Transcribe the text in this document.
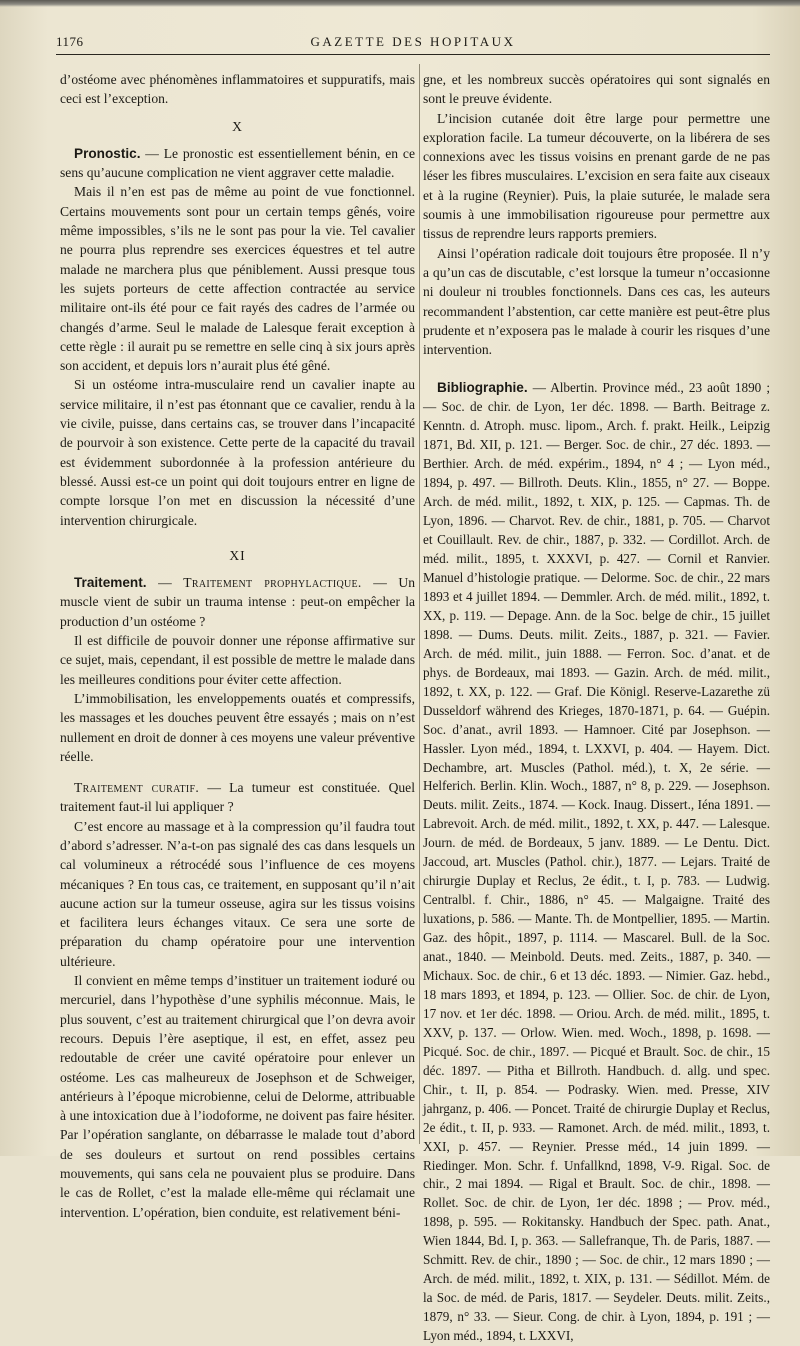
1176	GAZETTE DES HOPITAUX

d’ostéome avec phénomènes inflammatoires et suppuratifs, mais ceci est l’exception.

X

Pronostic. — Le pronostic est essentiellement bénin, en ce sens qu’aucune complication ne vient aggraver cette maladie.

Mais il n’en est pas de même au point de vue fonctionnel. Certains mouvements sont pour un certain temps gênés, voire même impossibles, s’ils ne le sont pas pour la vie. Tel cavalier ne pourra plus reprendre ses exercices équestres et tel autre malade ne marchera plus que péniblement. Aussi presque tous les sujets porteurs de cette affection contractée au service militaire ont-ils été pour ce fait rayés des cadres de l’armée ou changés d’arme. Seul le malade de Lalesque ferait exception à cette règle : il aurait pu se remettre en selle cinq à six jours après son accident, et depuis lors n’aurait plus été gêné.

Si un ostéome intra-musculaire rend un cavalier inapte au service militaire, il n’est pas étonnant que ce cavalier, rendu à la vie civile, puisse, dans certains cas, se trouver dans l’incapacité de pourvoir à son existence. Cette perte de la capacité du travail est évidemment subordonnée à la profession antérieure du blessé. Aussi est-ce un point qui doit toujours entrer en ligne de compte lorsque l’on met en discussion la nécessité d’une intervention chirurgicale.

XI

Traitement. — Traitement prophylactique. — Un muscle vient de subir un trauma intense : peut-on empêcher la production d’un ostéome ?

Il est difficile de pouvoir donner une réponse affirmative sur ce sujet, mais, cependant, il est possible de mettre le malade dans les meilleures conditions pour éviter cette affection.

L’immobilisation, les enveloppements ouatés et compressifs, les massages et les douches peuvent être essayés ; mais on n’est nullement en droit de donner à ces moyens une valeur préventive réelle.

Traitement curatif. — La tumeur est constituée. Quel traitement faut-il lui appliquer ?

C’est encore au massage et à la compression qu’il faudra tout d’abord s’adresser. N’a-t-on pas signalé des cas dans lesquels un cal volumineux a rétrocédé sous l’influence de ces moyens mécaniques ? En tous cas, ce traitement, en supposant qu’il n’ait aucune action sur la tumeur osseuse, agira sur les tissus voisins et facilitera leurs échanges vitaux. Ce sera une sorte de préparation du champ opératoire pour une intervention ultérieure.

Il convient en même temps d’instituer un traitement ioduré ou mercuriel, dans l’hypothèse d’une syphilis méconnue. Mais, le plus souvent, c’est au traitement chirurgical que l’on devra avoir recours. Depuis l’ère aseptique, il est, en effet, assez peu redoutable de créer une cavité opératoire pour enlever un ostéome. Les cas malheureux de Josephson et de Schweiger, antérieurs à l’époque microbienne, celui de Delorme, attribuable à une intoxication due à l’iodoforme, ne doivent pas faire hésiter. Par l’opération sanglante, on débarrasse le malade tout d’abord de ses douleurs et surtout on rend possibles certains mouvements, qui sans cela ne pouvaient plus se produire. Dans le cas de Rollet, c’est la malade elle-même qui réclamait une intervention. L’opération, bien conduite, est relativement béni-

gne, et les nombreux succès opératoires qui sont signalés en sont le preuve évidente.

L’incision cutanée doit être large pour permettre une exploration facile. La tumeur découverte, on la libérera de ses connexions avec les tissus voisins en prenant garde de ne pas léser les fibres musculaires. L’excision en sera faite aux ciseaux et à la rugine (Reynier). Puis, la plaie suturée, le malade sera soumis à une immobilisation rigoureuse pour permettre aux tissus de reprendre leurs rapports premiers.

Ainsi l’opération radicale doit toujours être proposée. Il n’y a qu’un cas de discutable, c’est lorsque la tumeur n’occasionne ni douleur ni troubles fonctionnels. Dans ces cas, les auteurs recommandent l’abstention, car cette manière est peut-être plus prudente et n’exposera pas le malade à courir les risques d’une intervention.

Bibliographie. — Albertin. Province méd., 23 août 1890 ; — Soc. de chir. de Lyon, 1er déc. 1898. — Barth. Beitrage z. Kenntn. d. Atroph. musc. lipom., Arch. f. prakt. Heilk., Leipzig 1871, Bd. XII, p. 121. — Berger. Soc. de chir., 27 déc. 1893. — Berthier. Arch. de méd. expérim., 1894, n° 4 ; — Lyon méd., 1894, p. 497. — Billroth. Deuts. Klin., 1855, n° 27. — Boppe. Arch. de méd. milit., 1892, t. XIX, p. 125. — Capmas. Th. de Lyon, 1896. — Charvot. Rev. de chir., 1881, p. 705. — Charvot et Couillault. Rev. de chir., 1887, p. 332. — Cordillot. Arch. de méd. milit., 1895, t. XXXVI, p. 427. — Cornil et Ranvier. Manuel d’histologie pratique. — Delorme. Soc. de chir., 22 mars 1893 et 4 juillet 1894. — Demmler. Arch. de méd. milit., 1892, t. XX, p. 119. — Depage. Ann. de la Soc. belge de chir., 15 juillet 1898. — Dums. Deuts. milit. Zeits., 1887, p. 321. — Favier. Arch. de méd. milit., juin 1888. — Ferron. Soc. d’anat. et de phys. de Bordeaux, mai 1893. — Gazin. Arch. de méd. milit., 1892, t. XX, p. 122. — Graf. Die Königl. Reserve-Lazarethe zü Dusseldorf während des Krieges, 1870-1871, p. 64. — Guépin. Soc. d’anat., avril 1893. — Hamnoer. Cité par Josephson. — Hassler. Lyon méd., 1894, t. LXXVI, p. 404. — Hayem. Dict. Dechambre, art. Muscles (Pathol. méd.), t. X, 2e série. — Helferich. Berlin. Klin. Woch., 1887, n° 8, p. 229. — Josephson. Deuts. milit. Zeits., 1874. — Kock. Inaug. Dissert., Iéna 1891. — Labrevoit. Arch. de méd. milit., 1892, t. XX, p. 447. — Lalesque. Journ. de méd. de Bordeaux, 5 janv. 1889. — Le Dentu. Dict. Jaccoud, art. Muscles (Pathol. chir.), 1877. — Lejars. Traité de chirurgie Duplay et Reclus, 2e édit., t. I, p. 783. — Ludwig. Centralbl. f. Chir., 1886, n° 45. — Malgaigne. Traité des luxations, p. 586. — Mante. Th. de Montpellier, 1895. — Martin. Gaz. des hôpit., 1897, p. 1114. — Mascarel. Bull. de la Soc. anat., 1840. — Meinbold. Deuts. med. Zeits., 1887, p. 340. — Michaux. Soc. de chir., 6 et 13 déc. 1893. — Nimier. Gaz. hebd., 18 mars 1893, et 1894, p. 123. — Ollier. Soc. de chir. de Lyon, 17 nov. et 1er déc. 1898. — Oriou. Arch. de méd. milit., 1895, t. XXV, p. 137. — Orlow. Wien. med. Woch., 1898, p. 1698. — Picqué. Soc. de chir., 1897. — Picqué et Brault. Soc. de chir., 15 déc. 1897. — Pitha et Billroth. Handbuch. d. allg. und spec. Chir., t. II, p. 854. — Podrasky. Wien. med. Presse, XIV jahrganz, p. 406. — Poncet. Traité de chirurgie Duplay et Reclus, 2e édit., t. II, p. 933. — Ramonet. Arch. de méd. milit., 1893, t. XXI, p. 457. — Reynier. Presse méd., 14 juin 1899. — Riedinger. Mon. Schr. f. Unfallknd, 1898, V-9. Rigal. Soc. de chir., 2 mai 1894. — Rigal et Brault. Soc. de chir., 1898. — Rollet. Soc. de chir. de Lyon, 1er déc. 1898 ; — Prov. méd., 1898, p. 595. — Rokitansky. Handbuch der Spec. path. Anat., Wien 1844, Bd. I, p. 363. — Sallefranque, Th. de Paris, 1887. — Schmitt. Rev. de chir., 1890 ; — Soc. de chir., 12 mars 1890 ; — Arch. de méd. milit., 1892, t. XIX, p. 131. — Sédillot. Mém. de la Soc. de méd. de Paris, 1817. — Seydeler. Deuts. milit. Zeits., 1879, n° 33. — Sieur. Cong. de chir. à Lyon, 1894, p. 191 ; — Lyon méd., 1894, t. LXXVI,
